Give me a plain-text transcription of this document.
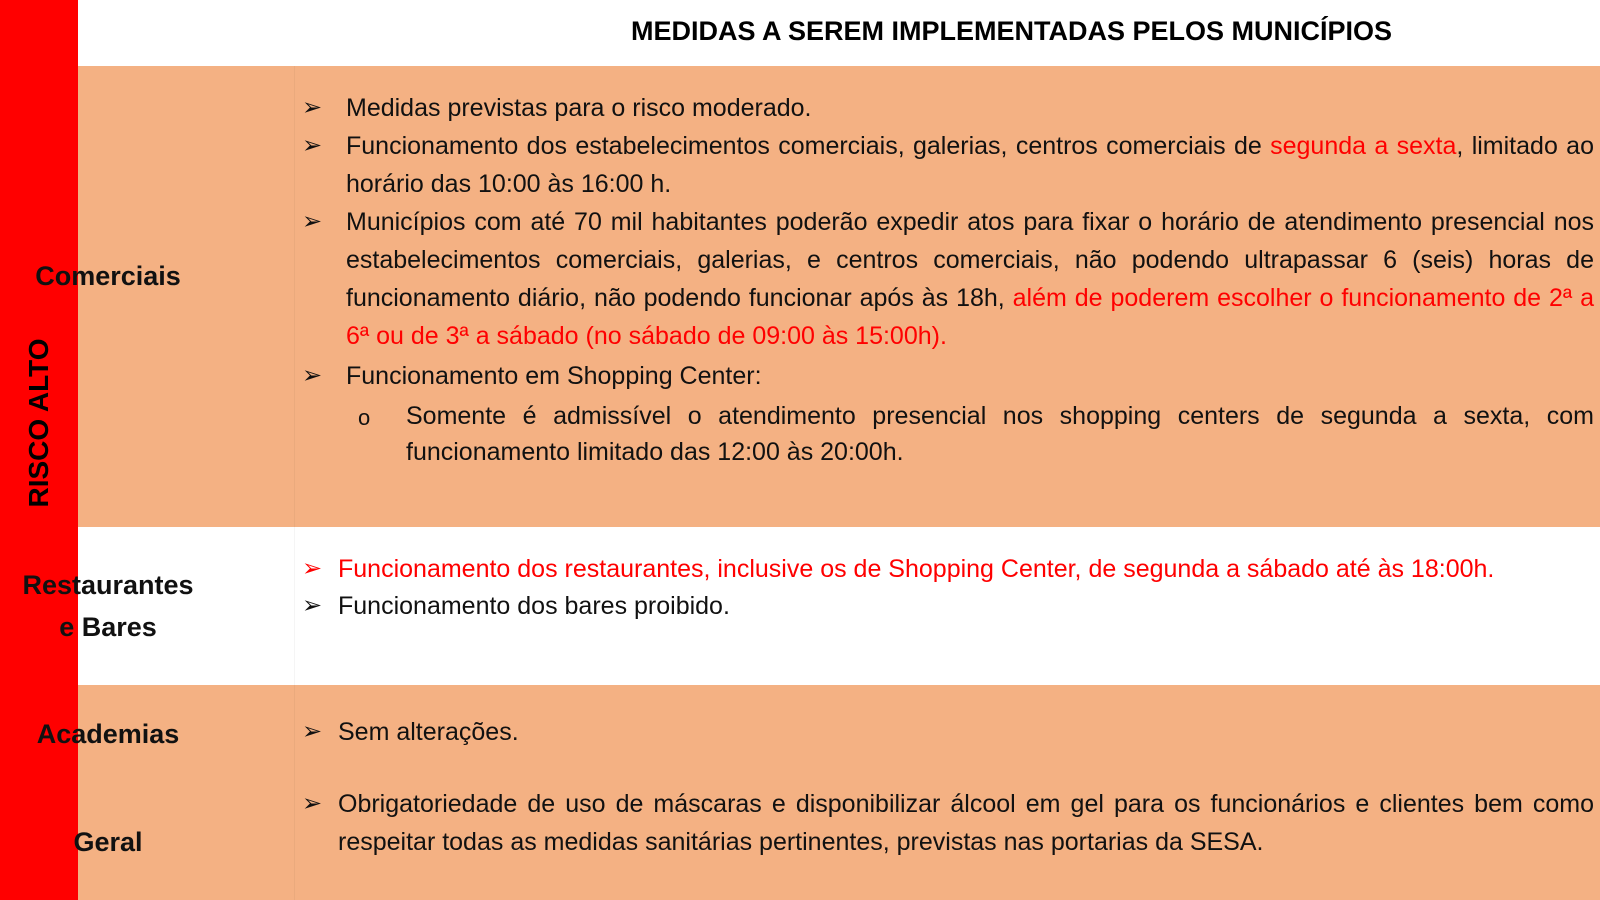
RISCO ALTO
MEDIDAS A SEREM IMPLEMENTADAS PELOS MUNICÍPIOS
Comerciais
➢ Medidas previstas para o risco moderado.
➢ Funcionamento dos estabelecimentos comerciais, galerias, centros comerciais de segunda a sexta, limitado ao horário das 10:00 às 16:00 h.
➢ Municípios com até 70 mil habitantes poderão expedir atos para fixar o horário de atendimento presencial nos estabelecimentos comerciais, galerias, e centros comerciais, não podendo ultrapassar 6 (seis) horas de funcionamento diário, não podendo funcionar após às 18h, além de poderem escolher o funcionamento de 2ª a 6ª ou de 3ª a sábado (no sábado de 09:00 às 15:00h).
➢ Funcionamento em Shopping Center:
o Somente é admissível o atendimento presencial nos shopping centers de segunda a sexta, com funcionamento limitado das 12:00 às 20:00h.
Restaurantes
e Bares
➢ Funcionamento dos restaurantes, inclusive os de Shopping Center, de segunda a sábado até às 18:00h.
➢ Funcionamento dos bares proibido.
Academias	➢ Sem alterações.
Geral
➢ Obrigatoriedade de uso de máscaras e disponibilizar álcool em gel para os funcionários e clientes bem como respeitar todas as medidas sanitárias pertinentes, previstas nas portarias da SESA.
